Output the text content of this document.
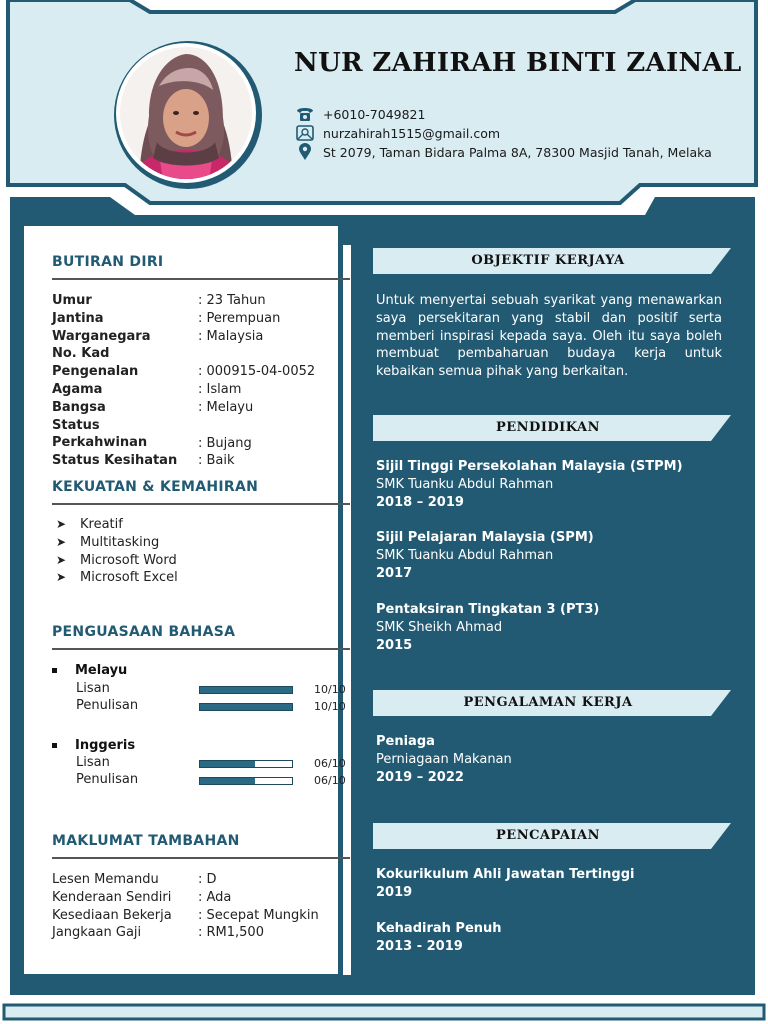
NUR ZAHIRAH BINTI ZAINAL
+6010-7049821
nurzahirah1515@gmail.com
St 2079, Taman Bidara Palma 8A, 78300 Masjid Tanah, Melaka
BUTIRAN DIRI
Umur	: 23 Tahun
Jantina	: Perempuan
Warganegara	: Malaysia
No. Kad Pengenalan	: 000915-04-0052
Agama	: Islam
Bangsa	: Melayu
Status Perkahwinan	: Bujang
Status Kesihatan : Baik
KEKUATAN & KEMAHIRAN
➤	Kreatif
➤	Multitasking
➤	Microsoft Word
➤	Microsoft Excel
PENGUASAAN BAHASA
Melayu
Lisan	10/10
Penulisan	10/10
Inggeris
Lisan	06/10
Penulisan	06/10
MAKLUMAT TAMBAHAN
Lesen Memandu	: D
Kenderaan Sendiri : Ada
Kesediaan Bekerja : Secepat Mungkin
Jangkaan Gaji	: RM1,500
OBJEKTIF KERJAYA
Untuk menyertai sebuah syarikat yang menawarkan saya persekitaran yang stabil dan positif serta memberi inspirasi kepada saya. Oleh itu saya boleh membuat pembaharuan budaya kerja untuk kebaikan semua pihak yang berkaitan.
PENDIDIKAN
Sijil Tinggi Persekolahan Malaysia (STPM)
SMK Tuanku Abdul Rahman
2018 – 2019
Sijil Pelajaran Malaysia (SPM)
SMK Tuanku Abdul Rahman
2017
Pentaksiran Tingkatan 3 (PT3)
SMK Sheikh Ahmad
2015
PENGALAMAN KERJA
Peniaga
Perniagaan Makanan
2019 – 2022
PENCAPAIAN
Kokurikulum Ahli Jawatan Tertinggi
2019
Kehadirah Penuh
2013 - 2019
